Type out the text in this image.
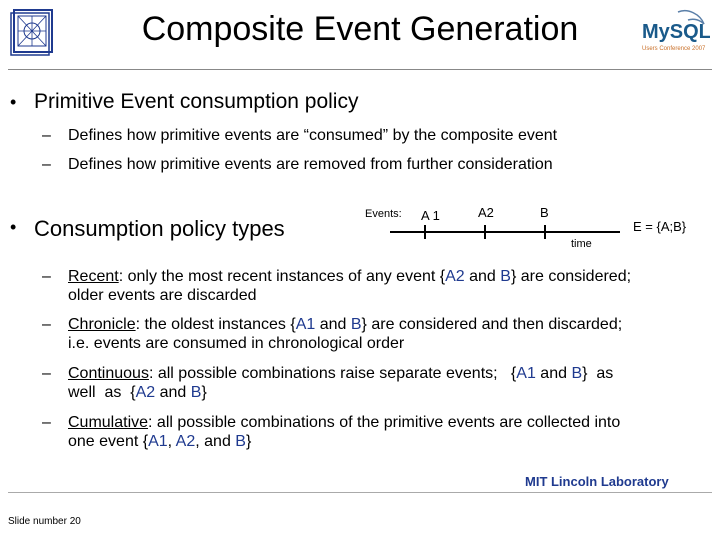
Composite Event Generation	MySQL
Users Conference 2007
• Primitive Event consumption policy
– Defines how primitive events are “consumed” by the composite event
– Defines how primitive events are removed from further consideration
• Consumption policy types
Events: A 1	A2	B
time
E = {A;B}
–	Recent: only the most recent instances of any event {A2 and B} are considered;
older events are discarded
–	Chronicle: the oldest instances {A1 and B} are considered and then discarded;
i.e. events are consumed in chronological order
–	Continuous: all possible combinations raise separate events;   {A1 and B}  as
well  as  {A2 and B}
–	Cumulative: all possible combinations of the primitive events are collected into
one event {A1, A2, and B}
MIT Lincoln Laboratory
Slide number 20
